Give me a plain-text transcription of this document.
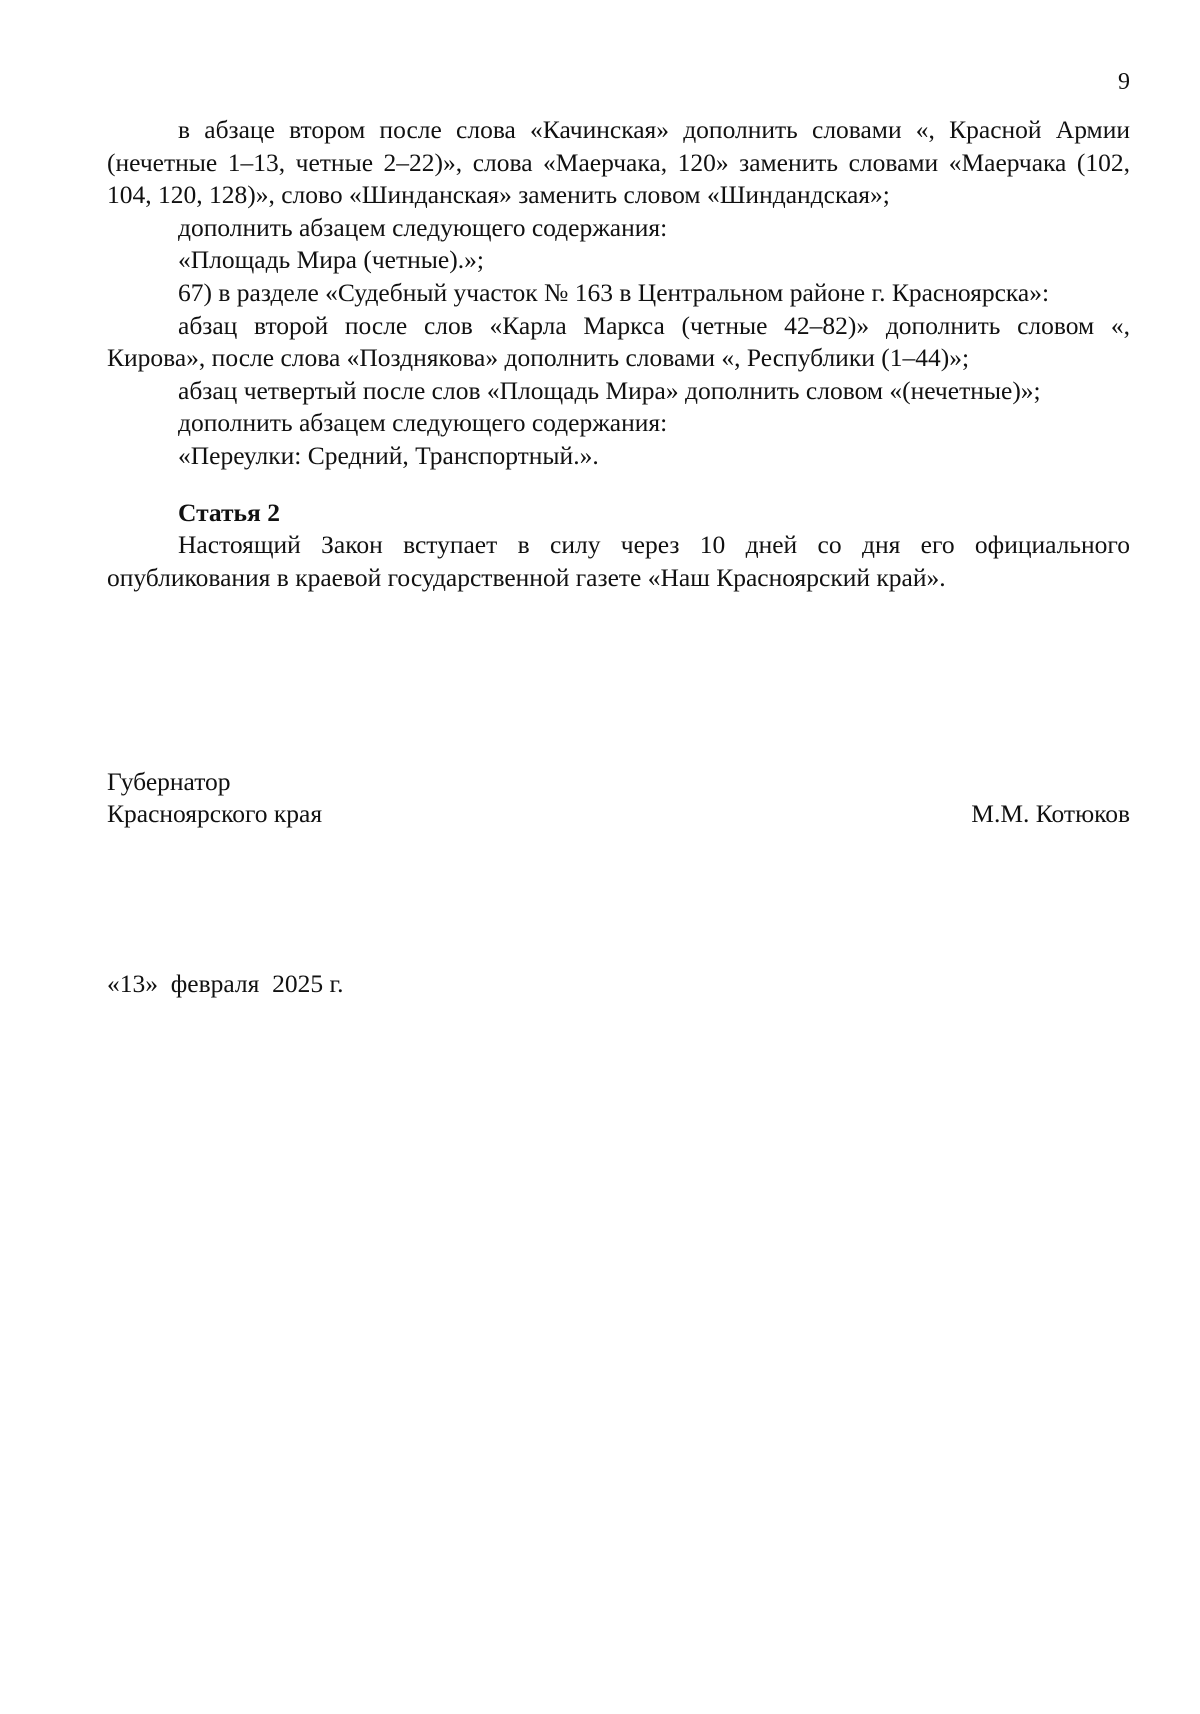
9

в абзаце втором после слова «Качинская» дополнить словами «, Красной Армии (нечетные 1–13, четные 2–22)», слова «Маерчака, 120» заменить словами «Маерчака (102, 104, 120, 128)», слово «Шинданская» заменить словом «Шиндандская»;

дополнить абзацем следующего содержания:

«Площадь Мира (четные).»;

67) в разделе «Судебный участок № 163 в Центральном районе г. Красноярска»:

абзац второй после слов «Карла Маркса (четные 42–82)» дополнить словом «, Кирова», после слова «Позднякова» дополнить словами «, Республики (1–44)»;

абзац четвертый после слов «Площадь Мира» дополнить словом «(нечетные)»;

дополнить абзацем следующего содержания:

«Переулки: Средний, Транспортный.».

Статья 2

Настоящий Закон вступает в силу через 10 дней со дня его официального опубликования в краевой государственной газете «Наш Красноярский край».

Губернатор
Красноярского края	М.М. Котюков
«13»  февраля  2025 г.
